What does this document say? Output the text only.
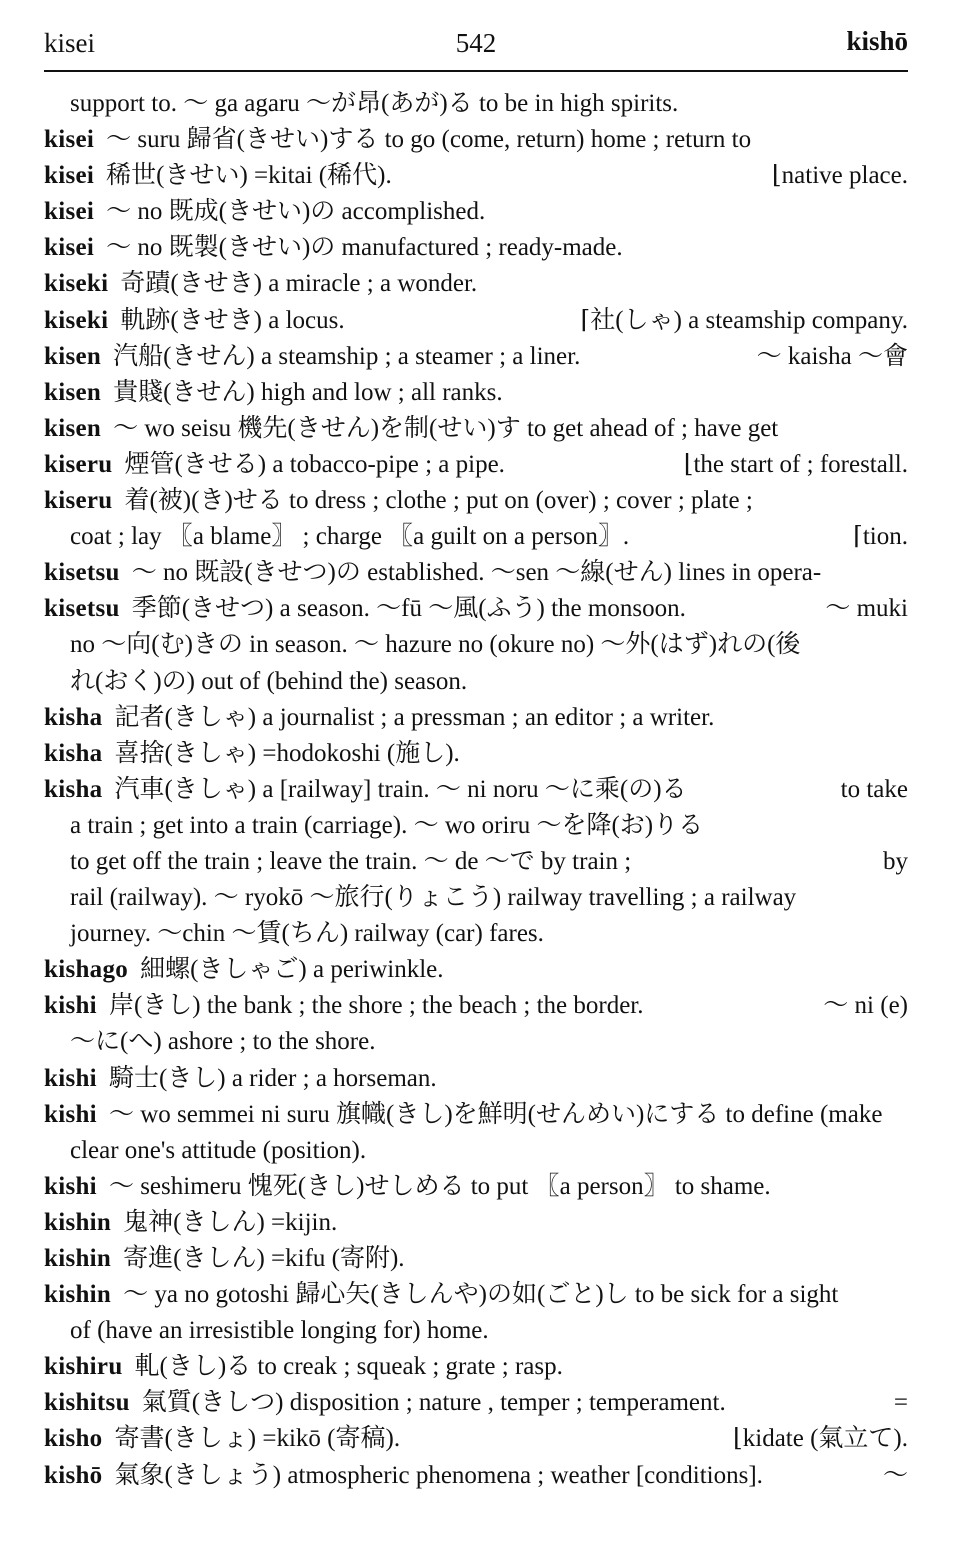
kisei	542	kishō
support to. ～ ga agaru ～が昂(あが)る to be in high spirits.
kisei ～ suru 歸省(きせい)する to go (come, return) home ; return to
kisei 稀世(きせい) =kitai (稀代).	⌊native place.
kisei ～ no 既成(きせい)の accomplished.
kisei ～ no 既製(きせい)の manufactured ; ready-made.
kiseki 奇蹟(きせき) a miracle ; a wonder.
kiseki 軌跡(きせき) a locus.	⌈社(しゃ) a steamship company.
kisen 汽船(きせん) a steamship ; a steamer ; a liner.	～ kaisha ～會
kisen 貴賤(きせん) high and low ; all ranks.
kisen ～ wo seisu 機先(きせん)を制(せい)す to get ahead of ; have get
kiseru 煙管(きせる) a tobacco-pipe ; a pipe.	⌊the start of ; forestall.
kiseru 着(被)(き)せる to dress ; clothe ; put on (over) ; cover ; plate ;
coat ; lay 〖a blame〗 ; charge 〖a guilt on a person〗.	⌈tion.
kisetsu ～ no 既設(きせつ)の established. ～sen ～線(せん) lines in opera-
kisetsu 季節(きせつ) a season. ～fū ～風(ふう) the monsoon.	～ muki
no ～向(む)きの in season. ～ hazure no (okure no) ～外(はず)れの(後
れ(おく)の) out of (behind the) season.
kisha 記者(きしゃ) a journalist ; a pressman ; an editor ; a writer.
kisha 喜捨(きしゃ) =hodokoshi (施し).
kisha 汽車(きしゃ) a [railway] train. ～ ni noru ～に乘(の)る	to take
a train ; get into a train (carriage). ～ wo oriru ～を降(お)りる
to get off the train ; leave the train. ～ de ～で by train ;	by
rail (railway). ～ ryokō ～旅行(りょこう) railway travelling ; a railway
journey. ～chin ～賃(ちん) railway (car) fares.
kishago 細螺(きしゃご) a periwinkle.
kishi 岸(きし) the bank ; the shore ; the beach ; the border.	～ ni (e)
～に(へ) ashore ; to the shore.
kishi 騎士(きし) a rider ; a horseman.
kishi ～ wo semmei ni suru 旗幟(きし)を鮮明(せんめい)にする to define (make
clear one's attitude (position).
kishi ～ seshimeru 愧死(きし)せしめる to put 〖a person〗 to shame.
kishin 鬼神(きしん) =kijin.
kishin 寄進(きしん) =kifu (寄附).
kishin ～ ya no gotoshi 歸心矢(きしんや)の如(ごと)し to be sick for a sight
of (have an irresistible longing for) home.
kishiru 軋(きし)る to creak ; squeak ; grate ; rasp.
kishitsu 氣質(きしつ) disposition ; nature , temper ; temperament.	=
kisho 寄書(きしょ) =kikō (寄稿).	⌊kidate (氣立て).
kishō 氣象(きしょう) atmospheric phenomena ; weather [conditions].	～
